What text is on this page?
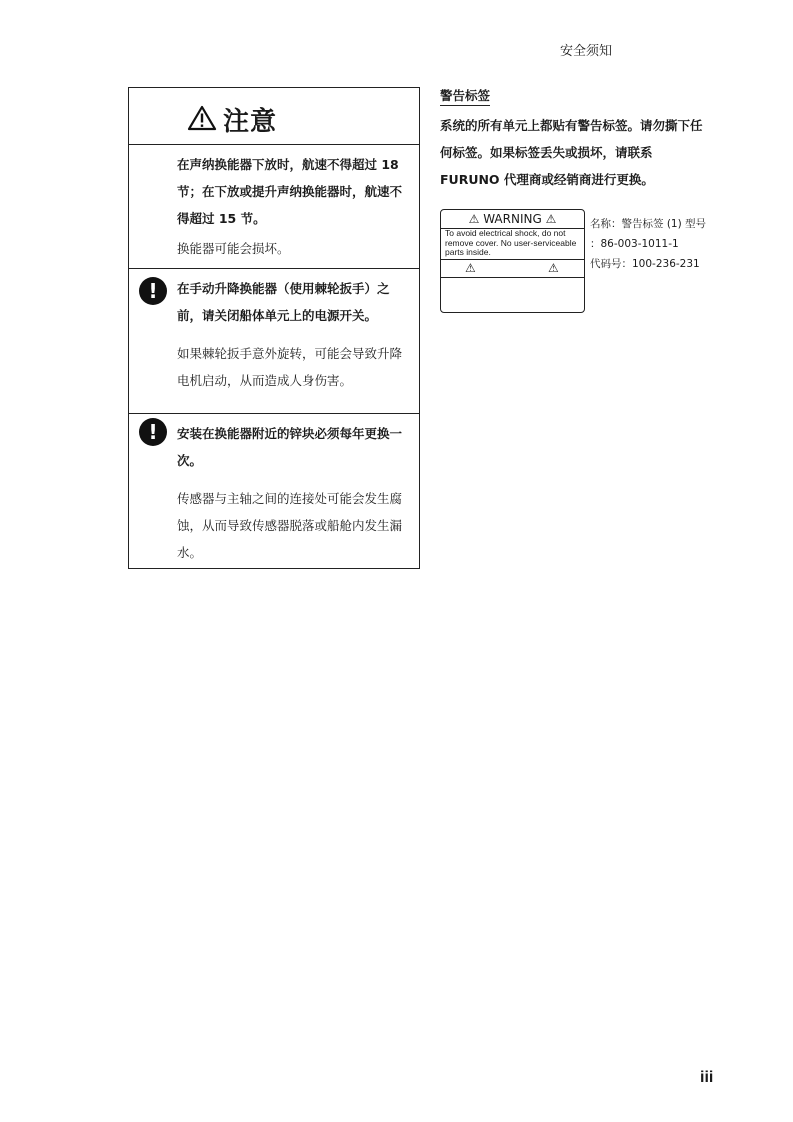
安全须知
注意
在声纳换能器下放时，航速不得超过 18 节；在下放或提升声纳换能器时，航速不得超过 15 节。
换能器可能会损坏。
!	在手动升降换能器（使用棘轮扳手）之前，请关闭船体单元上的电源开关。
如果棘轮扳手意外旋转，可能会导致升降电机启动，从而造成人身伤害。
!	安装在换能器附近的锌块必须每年更换一次。
传感器与主轴之间的连接处可能会发生腐蚀，从而导致传感器脱落或船舱内发生漏水。
警告标签
系统的所有单元上都贴有警告标签。请勿撕下任何标签。如果标签丢失或损坏，请联系 FURUNO 代理商或经销商进行更换。
⚠ WARNING ⚠
To avoid electrical shock, do not remove cover. No user-serviceable parts inside.
⚠	⚠
名称：警告标签 (1) 型号
：86-003-1011-1
代码号：100-236-231
iii
